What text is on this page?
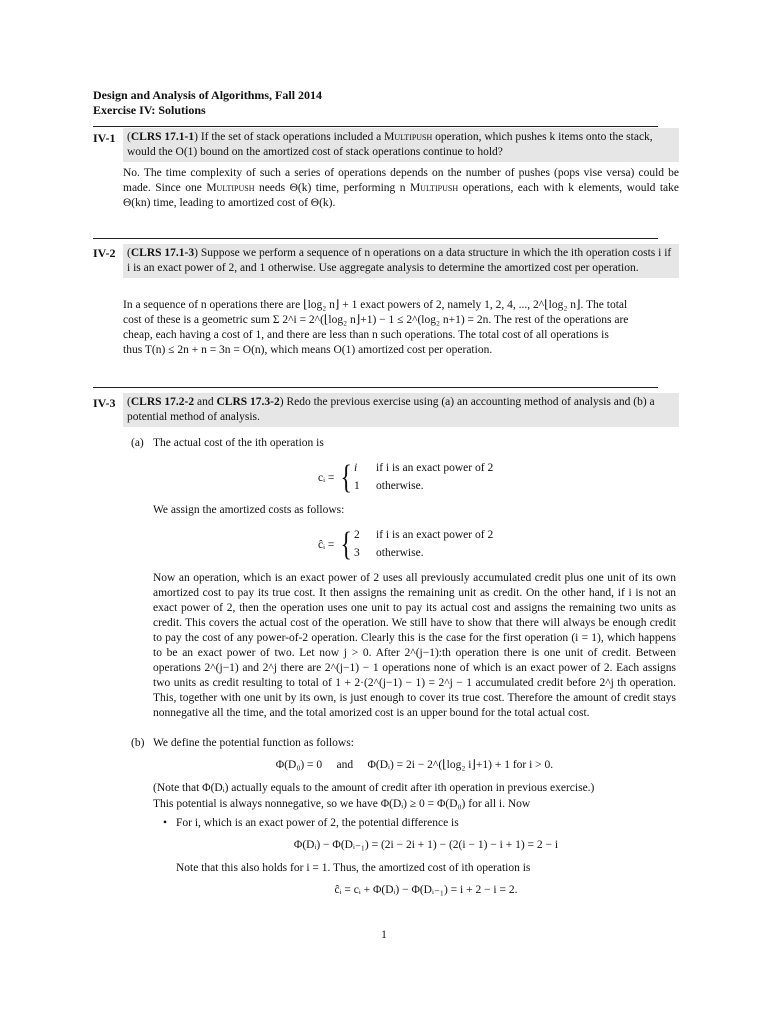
Design and Analysis of Algorithms, Fall 2014
Exercise IV: Solutions
IV-1	(CLRS 17.1-1) If the set of stack operations included a Multipush operation, which pushes k items onto the stack, would the O(1) bound on the amortized cost of stack operations continue to hold?
No. The time complexity of such a series of operations depends on the number of pushes (pops vise versa) could be made. Since one Multipush needs Θ(k) time, performing n Multipush operations, each with k elements, would take Θ(kn) time, leading to amortized cost of Θ(k).
IV-2	(CLRS 17.1-3) Suppose we perform a sequence of n operations on a data structure in which the ith operation costs i if i is an exact power of 2, and 1 otherwise. Use aggregate analysis to determine the amortized cost per operation.
In a sequence of n operations there are ⌊log₂ n⌋ + 1 exact powers of 2, namely 1, 2, 4, ..., 2^⌊log₂ n⌋. The total
cost of these is a geometric sum Σ 2^i = 2^(⌊log₂ n⌋+1) − 1 ≤ 2^(log₂ n+1) = 2n. The rest of the operations are
cheap, each having a cost of 1, and there are less than n such operations. The total cost of all operations is
thus T(n) ≤ 2n + n = 3n = O(n), which means O(1) amortized cost per operation.
IV-3	(CLRS 17.2-2 and CLRS 17.3-2) Redo the previous exercise using (a) an accounting method of analysis and (b) a potential method of analysis.
(a) The actual cost of the ith operation is
cᵢ = { i if i is an exact power of 2
1 otherwise.
We assign the amortized costs as follows:
ĉᵢ = { 2 if i is an exact power of 2
3 otherwise.
Now an operation, which is an exact power of 2 uses all previously accumulated credit plus one unit of its own amortized cost to pay its true cost. It then assigns the remaining unit as credit. On the other hand, if i is not an exact power of 2, then the operation uses one unit to pay its actual cost and assigns the remaining two units as credit. This covers the actual cost of the operation. We still have to show that there will always be enough credit to pay the cost of any power-of-2 operation. Clearly this is the case for the first operation (i = 1), which happens to be an exact power of two. Let now j > 0. After 2^(j−1):th operation there is one unit of credit. Between operations 2^(j−1) and 2^j there are 2^(j−1) − 1 operations none of which is an exact power of 2. Each assigns two units as credit resulting to total of 1 + 2·(2^(j−1) − 1) = 2^j − 1 accumulated credit before 2^j th operation. This, together with one unit by its own, is just enough to cover its true cost. Therefore the amount of credit stays nonnegative all the time, and the total amorized cost is an upper bound for the total actual cost.
(b) We define the potential function as follows:
Φ(D₀) = 0     and     Φ(Dᵢ) = 2i − 2^(⌊log₂ i⌋+1) + 1 for i > 0.
(Note that Φ(Dᵢ) actually equals to the amount of credit after ith operation in previous exercise.)
This potential is always nonnegative, so we have Φ(Dᵢ) ≥ 0 = Φ(D₀) for all i. Now
• For i, which is an exact power of 2, the potential difference is
Φ(Dᵢ) − Φ(Dᵢ₋₁) = (2i − 2i + 1) − (2(i − 1) − i + 1) = 2 − i
Note that this also holds for i = 1. Thus, the amortized cost of ith operation is
ĉᵢ = cᵢ + Φ(Dᵢ) − Φ(Dᵢ₋₁) = i + 2 − i = 2.
1
